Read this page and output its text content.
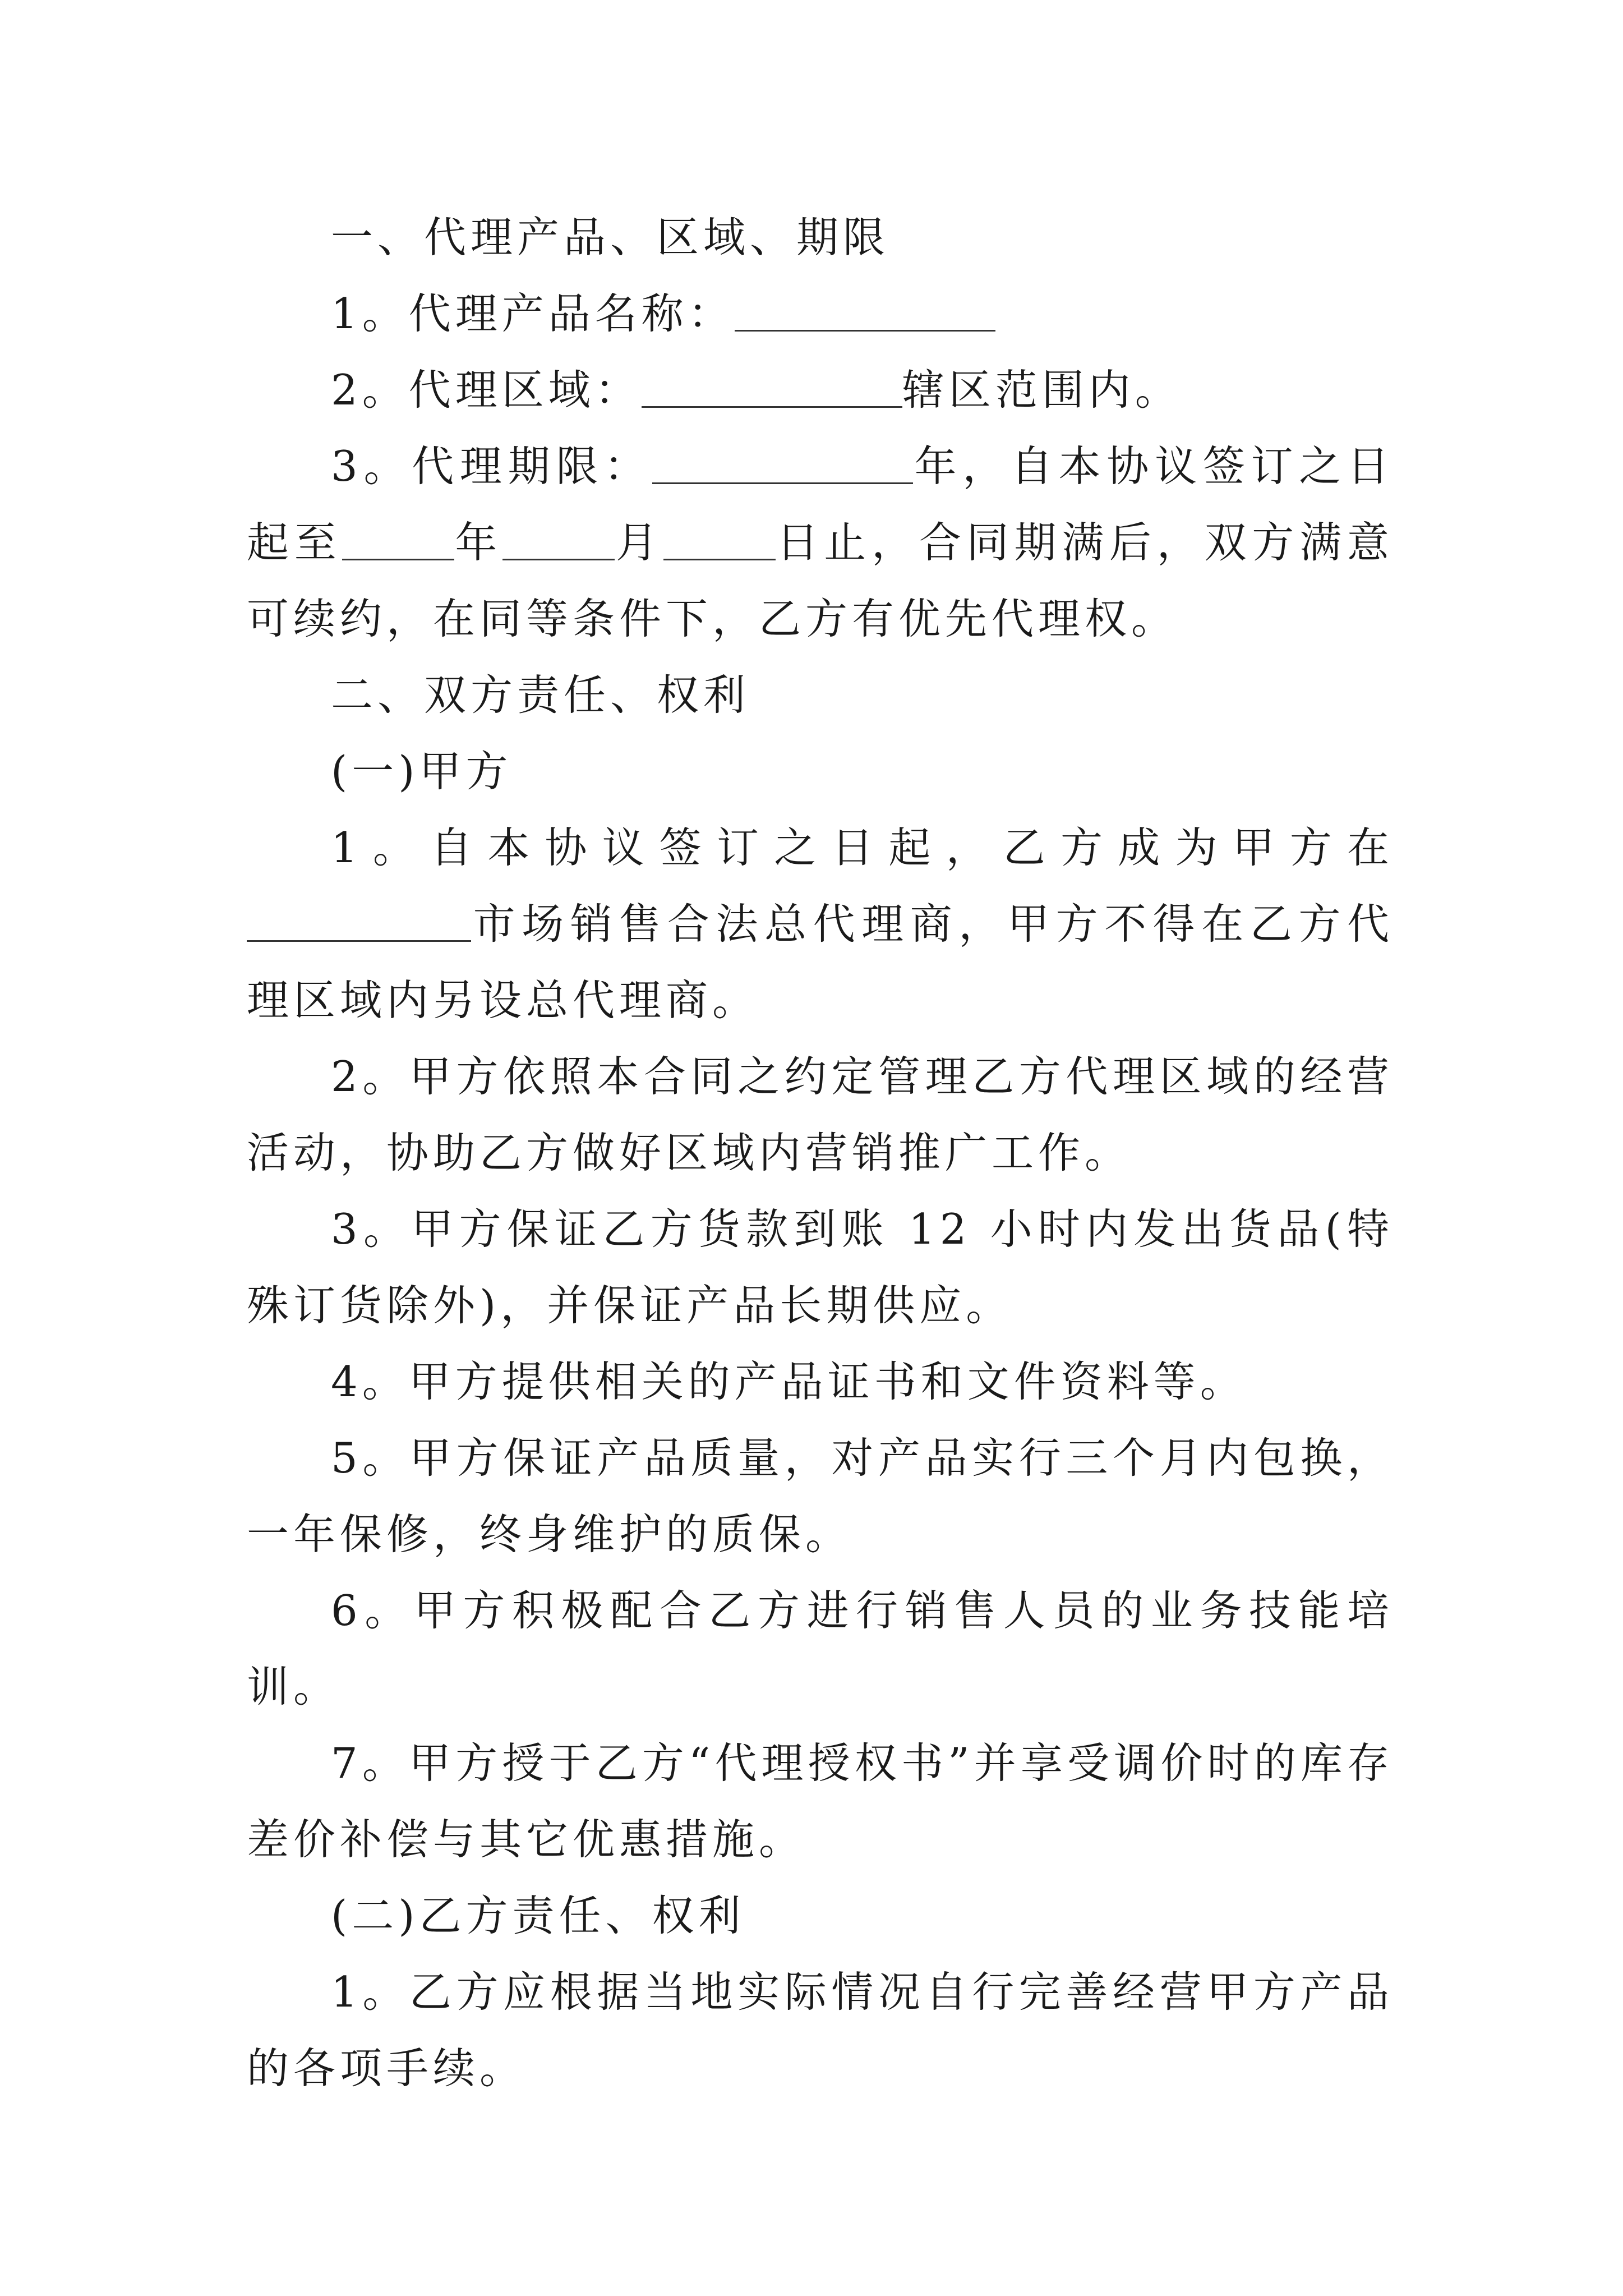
一、代理产品、区域、期限

1。代理产品名称：

2。代理区域：	辖区范围内。

3。代理期限：	年，自本协议签订之日起至	年	月	日止，合同期满后，双方满意可续约，在同等条件下，乙方有优先代理权。

二、双方责任、权利

(一)甲方

1。自本协议签订之日起，乙方成为甲方在市场销售合法总代理商，甲方不得在乙方代理区域内另设总代理商。

2。甲方依照本合同之约定管理乙方代理区域的经营活动，协助乙方做好区域内营销推广工作。

3。甲方保证乙方货款到账 12 小时内发出货品(特殊订货除外)，并保证产品长期供应。

4。甲方提供相关的产品证书和文件资料等。

5。甲方保证产品质量，对产品实行三个月内包换，一年保修，终身维护的质保。

6。甲方积极配合乙方进行销售人员的业务技能培训。

7。甲方授于乙方“代理授权书”并享受调价时的库存差价补偿与其它优惠措施。

(二)乙方责任、权利

1。乙方应根据当地实际情况自行完善经营甲方产品的各项手续。
